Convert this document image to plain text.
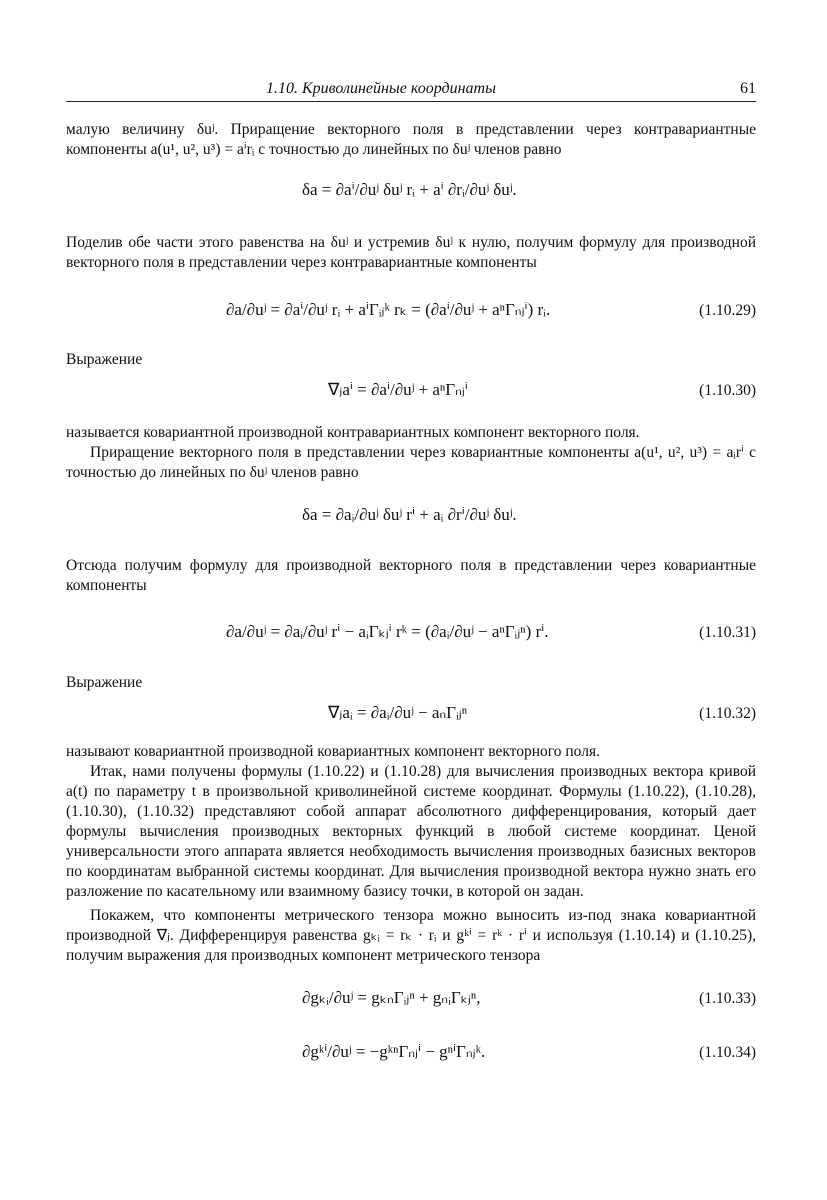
1.10. Криволинейные координаты	61
малую величину δuʲ. Приращение векторного поля в представлении через контравариантные компоненты a(u¹, u², u³) = aⁱrᵢ с точностью до линейных по δuʲ членов равно
δa = ∂aⁱ/∂uʲ δuʲ rᵢ + aⁱ ∂rᵢ/∂uʲ δuʲ.
Поделив обе части этого равенства на δuʲ и устремив δuʲ к нулю, получим формулу для производной векторного поля в представлении через контравариантные компоненты
∂a/∂uʲ = ∂aⁱ/∂uʲ rᵢ + aⁱΓᵢⱼᵏ rₖ = (∂aⁱ/∂uʲ + aⁿΓₙⱼⁱ) rᵢ.	(1.10.29)
Выражение
∇ⱼaⁱ = ∂aⁱ/∂uʲ + aⁿΓₙⱼⁱ	(1.10.30)
называется ковариантной производной контравариантных компонент векторного поля.
Приращение векторного поля в представлении через ковариантные компоненты a(u¹, u², u³) = aᵢrⁱ с точностью до линейных по δuʲ членов равно
δa = ∂aᵢ/∂uʲ δuʲ rⁱ + aᵢ ∂rⁱ/∂uʲ δuʲ.
Отсюда получим формулу для производной векторного поля в представлении через ковариантные компоненты
∂a/∂uʲ = ∂aᵢ/∂uʲ rⁱ − aᵢΓₖⱼⁱ rᵏ = (∂aᵢ/∂uʲ − aⁿΓᵢⱼⁿ) rⁱ.	(1.10.31)
Выражение
∇ⱼaᵢ = ∂aᵢ/∂uʲ − aₙΓᵢⱼⁿ	(1.10.32)
называют ковариантной производной ковариантных компонент векторного поля.
Итак, нами получены формулы (1.10.22) и (1.10.28) для вычисления производных вектора кривой a(t) по параметру t в произвольной криволинейной системе координат. Формулы (1.10.22), (1.10.28), (1.10.30), (1.10.32) представляют собой аппарат абсолютного дифференцирования, который дает формулы вычисления производных векторных функций в любой системе координат. Ценой универсальности этого аппарата является необходимость вычисления производных базисных векторов по координатам выбранной системы координат. Для вычисления производной вектора нужно знать его разложение по касательному или взаимному базису точки, в которой он задан.
Покажем, что компоненты метрического тензора можно выносить из-под знака ковариантной производной ∇ⱼ. Дифференцируя равенства gₖᵢ = rₖ · rᵢ и gᵏⁱ = rᵏ · rⁱ и используя (1.10.14) и (1.10.25), получим выражения для производных компонент метрического тензора
∂gₖᵢ/∂uʲ = gₖₙΓᵢⱼⁿ + gₙᵢΓₖⱼⁿ,	(1.10.33)
∂gᵏⁱ/∂uʲ = −gᵏⁿΓₙⱼⁱ − gⁿⁱΓₙⱼᵏ.	(1.10.34)
